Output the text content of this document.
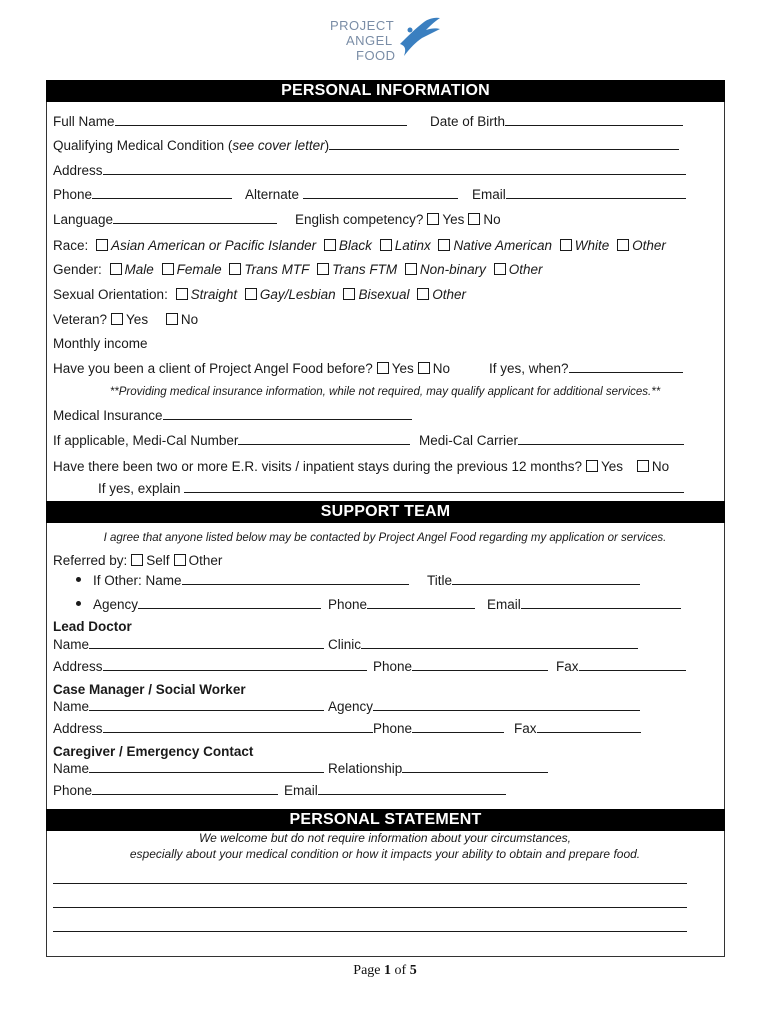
PROJECT
ANGEL
FOOD
PERSONAL INFORMATION
Full Name	Date of Birth
Qualifying Medical Condition (see cover letter)
Address
Phone	Alternate	Email
Language	English competency? Yes No
Race: Asian American or Pacific Islander Black Latinx Native American White Other
Gender: Male Female Trans MTF Trans FTM Non-binary Other
Sexual Orientation: Straight Gay/Lesbian Bisexual Other
Veteran? Yes No
Monthly income
Have you been a client of Project Angel Food before? Yes No	If yes, when?
**Providing medical insurance information, while not required, may qualify applicant for additional services.**
Medical Insurance
If applicable, Medi-Cal Number	Medi-Cal Carrier
Have there been two or more E.R. visits / inpatient stays during the previous 12 months? Yes No
If yes, explain
SUPPORT TEAM
I agree that anyone listed below may be contacted by Project Angel Food regarding my application or services.
Referred by: Self Other
If Other: Name	Title
Agency	Phone	Email
Lead Doctor
Name	Clinic
Address	Phone	Fax
Case Manager / Social Worker
Name	Agency
Address	Phone	Fax
Caregiver / Emergency Contact
Name	Relationship
Phone	Email
PERSONAL STATEMENT
We welcome but do not require information about your circumstances,
especially about your medical condition or how it impacts your ability to obtain and prepare food.
Page 1 of 5
